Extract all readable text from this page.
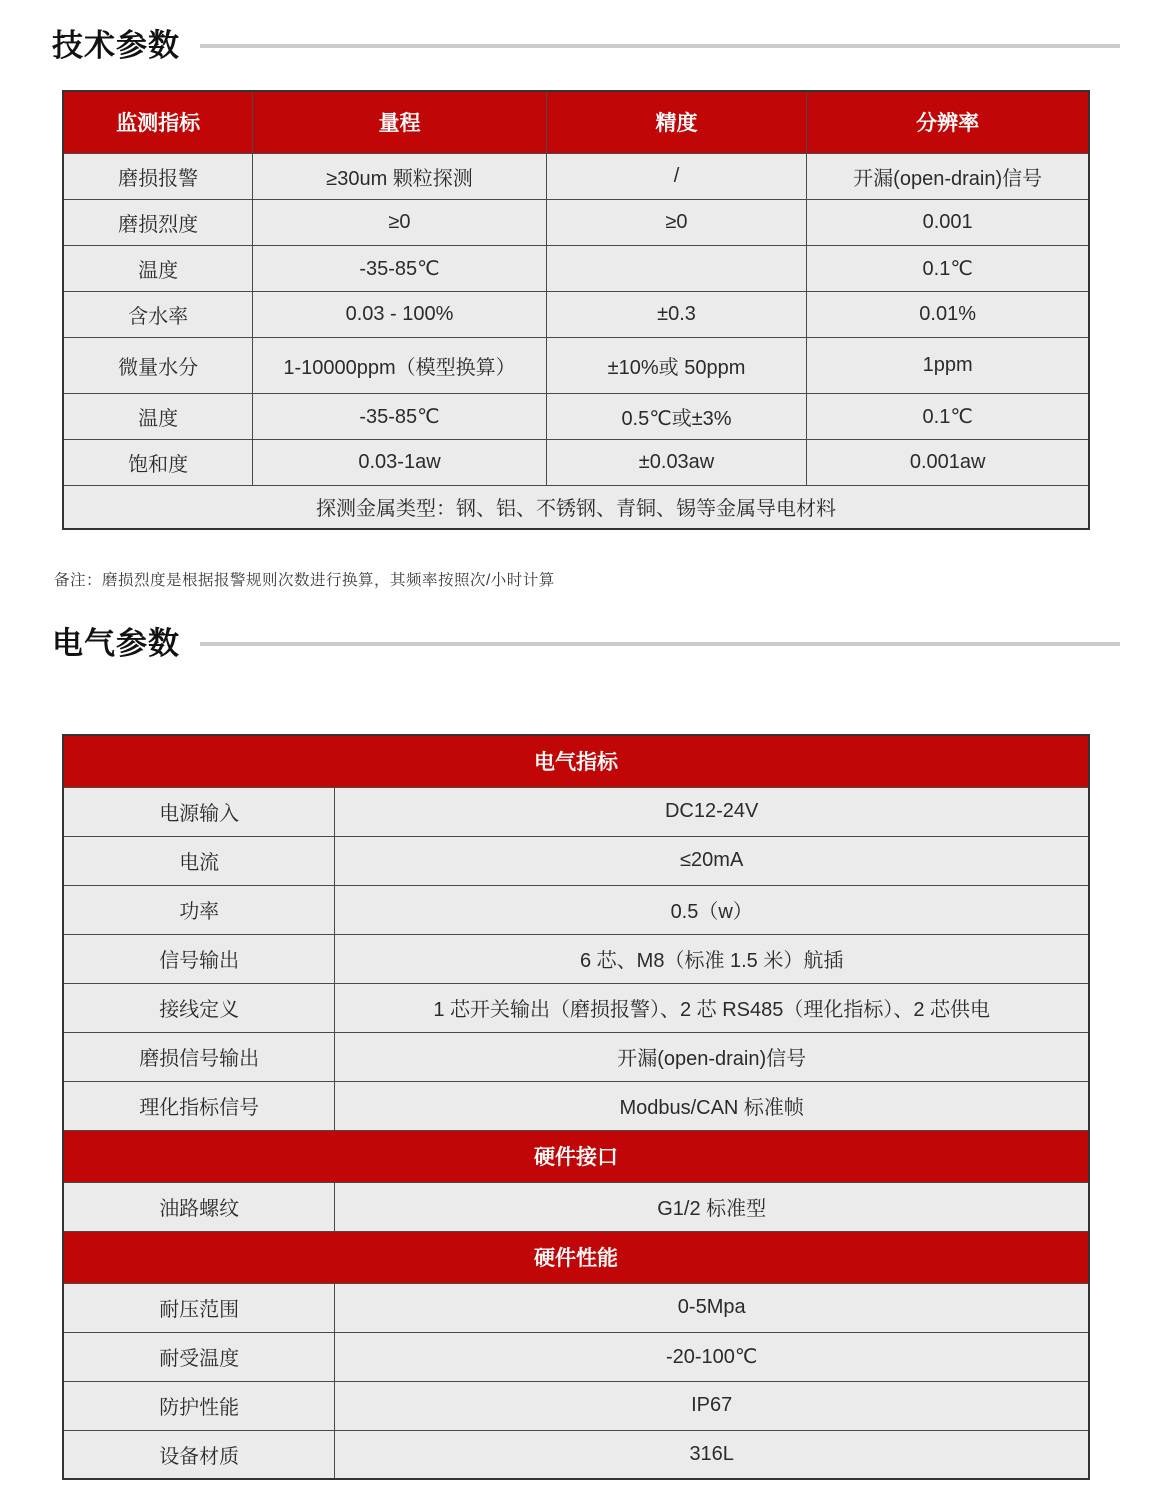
技术参数
监测指标	量程	精度	分辨率
磨损报警	≥30um 颗粒探测	/	开漏(open-drain)信号
磨损烈度	≥0	≥0	0.001
温度	-35-85℃		0.1℃
含水率	0.03 - 100%	±0.3	0.01%
微量水分	1-10000ppm（模型换算）	±10%或 50ppm	1ppm
温度	-35-85℃	0.5℃或±3%	0.1℃
饱和度	0.03-1aw	±0.03aw	0.001aw
探测金属类型：钢、铝、不锈钢、青铜、锡等金属导电材料			
备注：磨损烈度是根据报警规则次数进行换算，其频率按照次/小时计算
电气参数
电气指标	
电源输入	DC12-24V
电流	≤20mA
功率	0.5（w）
信号输出	6 芯、M8（标准 1.5 米）航插
接线定义	1 芯开关输出（磨损报警）、2 芯 RS485（理化指标）、2 芯供电
磨损信号输出	开漏(open-drain)信号
理化指标信号	Modbus/CAN 标准帧
硬件接口	
油路螺纹	G1/2 标准型
硬件性能	
耐压范围	0-5Mpa
耐受温度	-20-100℃
防护性能	IP67
设备材质	316L
